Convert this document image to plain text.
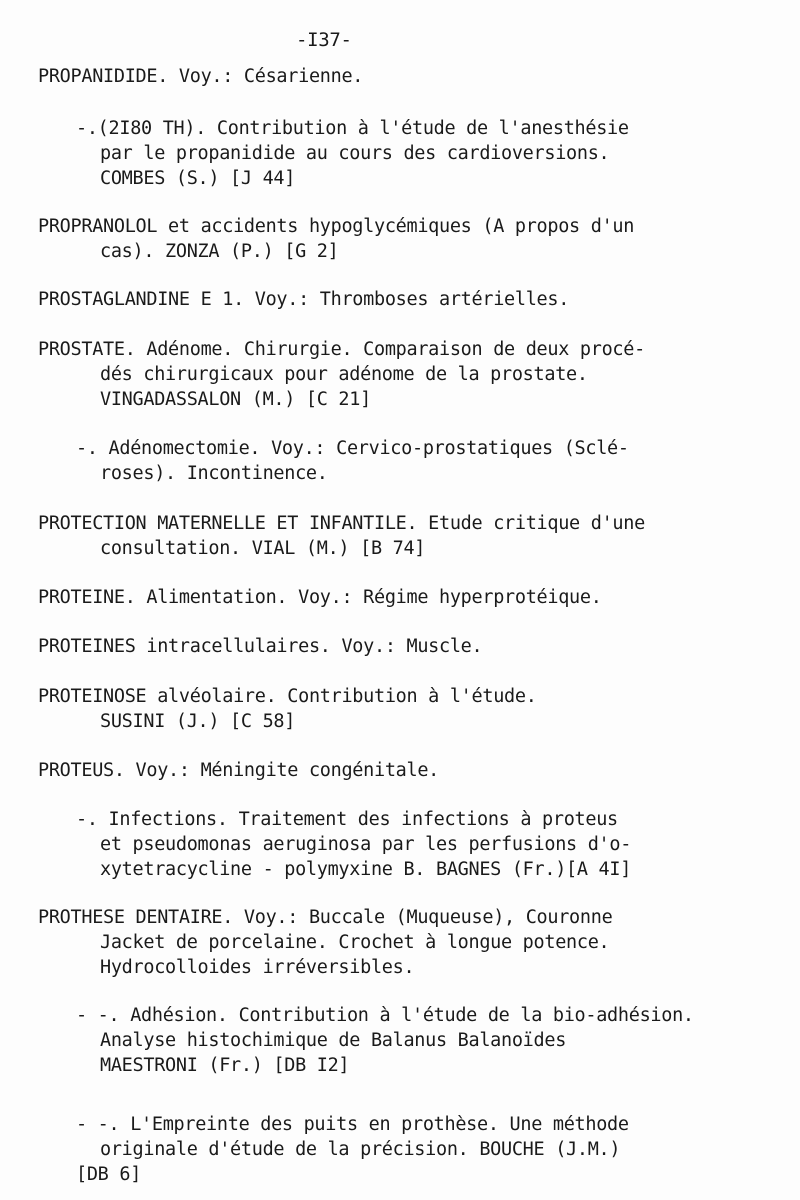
-I37-
PROPANIDIDE. Voy.: Césarienne.
-.(2I80 TH). Contribution à l'étude de l'anesthésie
par le propanidide au cours des cardioversions.
COMBES (S.) [J 44]
PROPRANOLOL et accidents hypoglycémiques (A propos d'un
cas). ZONZA (P.) [G 2]
PROSTAGLANDINE E 1. Voy.: Thromboses artérielles.
PROSTATE. Adénome. Chirurgie. Comparaison de deux procé-
dés chirurgicaux pour adénome de la prostate.
VINGADASSALON (M.) [C 21]
-. Adénomectomie. Voy.: Cervico-prostatiques (Sclé-
roses). Incontinence.
PROTECTION MATERNELLE ET INFANTILE. Etude critique d'une
consultation. VIAL (M.) [B 74]
PROTEINE. Alimentation. Voy.: Régime hyperprotéique.
PROTEINES intracellulaires. Voy.: Muscle.
PROTEINOSE alvéolaire. Contribution à l'étude.
SUSINI (J.) [C 58]
PROTEUS. Voy.: Méningite congénitale.
-. Infections. Traitement des infections à proteus
et pseudomonas aeruginosa par les perfusions d'o-
xytetracycline - polymyxine B. BAGNES (Fr.)[A 4I]
PROTHESE DENTAIRE. Voy.: Buccale (Muqueuse), Couronne
Jacket de porcelaine. Crochet à longue potence.
Hydrocolloides irréversibles.
- -. Adhésion. Contribution à l'étude de la bio-adhésion.
Analyse histochimique de Balanus Balanoïdes
MAESTRONI (Fr.) [DB I2]
- -. L'Empreinte des puits en prothèse. Une méthode
originale d'étude de la précision. BOUCHE (J.M.)
[DB 6]
